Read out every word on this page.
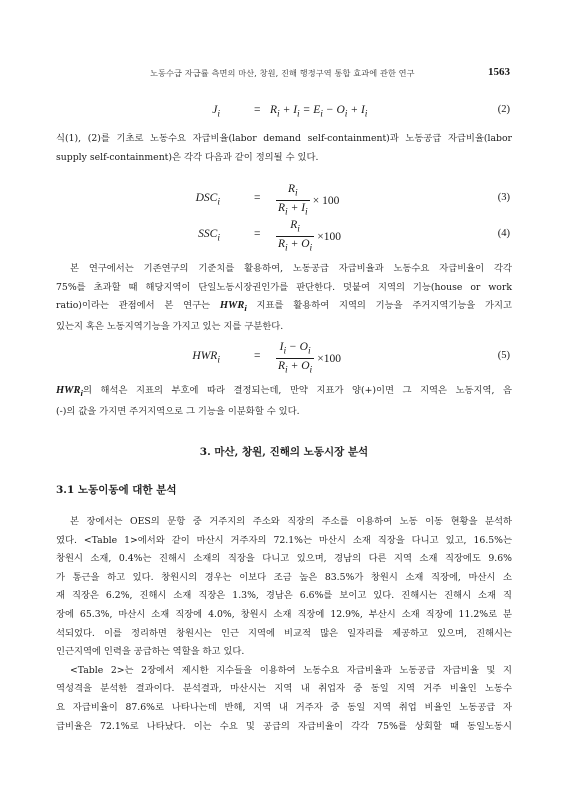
노동수급 자급률 측면의 마산, 창원, 진해 행정구역 통합 효과에 관한 연구	1563
$J_i$	= $R_i + I_i = E_i - O_i + I_i$	(2)

식(1), (2)를 기초로 노동수요 자급비율(labor demand self-containment)과 노동공급 자급비율(labor
supply self-containment)은 각각 다음과 같이 정의될 수 있다.

$DSC_i$	= $\frac{R_i}{R_i + I_i} \times 100$	(3)
$SSC_i$	= $\frac{R_i}{R_i + O_i} \times 100$	(4)

본 연구에서는 기존연구의 기준치를 활용하여, 노동공급 자급비율과 노동수요 자급비율이 각각
75%를 초과할 때 해당지역이 단일노동시장권인가를 판단한다. 덧붙여 지역의 기능(house or work
ratio)이라는 관점에서 본 연구는 $HWR_i$ 지표를 활용하여 지역의 기능을 주거지역기능을 가지고
있는지 혹은 노동지역기능을 가지고 있는 지를 구분한다.

$HWR_i$	= $\frac{I_i - O_i}{R_i + O_i} \times 100$	(5)

$HWR_i$의 해석은 지표의 부호에 따라 결정되는데, 만약 지표가 양(+)이면 그 지역은 노동지역, 음
(-)의 값을 가지면 주거지역으로 그 기능을 이분화할 수 있다.

3. 마산, 창원, 진해의 노동시장 분석
3.1 노동이동에 대한 분석

본 장에서는 OES의 문항 중 거주지의 주소와 직장의 주소를 이용하여 노동 이동 현황을 분석하
였다. <Table 1>에서와 같이 마산시 거주자의 72.1%는 마산시 소재 직장을 다니고 있고, 16.5%는
창원시 소재, 0.4%는 진해시 소재의 직장을 다니고 있으며, 경남의 다른 지역 소재 직장에도 9.6%
가 통근을 하고 있다. 창원시의 경우는 이보다 조금 높은 83.5%가 창원시 소재 직장에, 마산시 소
재 직장은 6.2%, 진해시 소재 직장은 1.3%, 경남은 6.6%를 보이고 있다. 진해시는 진해시 소재 직
장에 65.3%, 마산시 소재 직장에 4.0%, 창원시 소재 직장에 12.9%, 부산시 소재 직장에 11.2%로 분
석되었다. 이를 정리하면 창원시는 인근 지역에 비교적 많은 일자리를 제공하고 있으며, 진해시는
인근지역에 인력을 공급하는 역할을 하고 있다.
<Table 2>는 2장에서 제시한 지수들을 이용하여 노동수요 자급비율과 노동공급 자급비율 및 지
역성격을 분석한 결과이다. 분석결과, 마산시는 지역 내 취업자 중 동일 지역 거주 비율인 노동수
요 자급비율이 87.6%로 나타나는데 반해, 지역 내 거주자 중 동일 지역 취업 비율인 노동공급 자
급비율은 72.1%로 나타났다. 이는 수요 및 공급의 자급비율이 각각 75%를 상회할 때 동일노동시
